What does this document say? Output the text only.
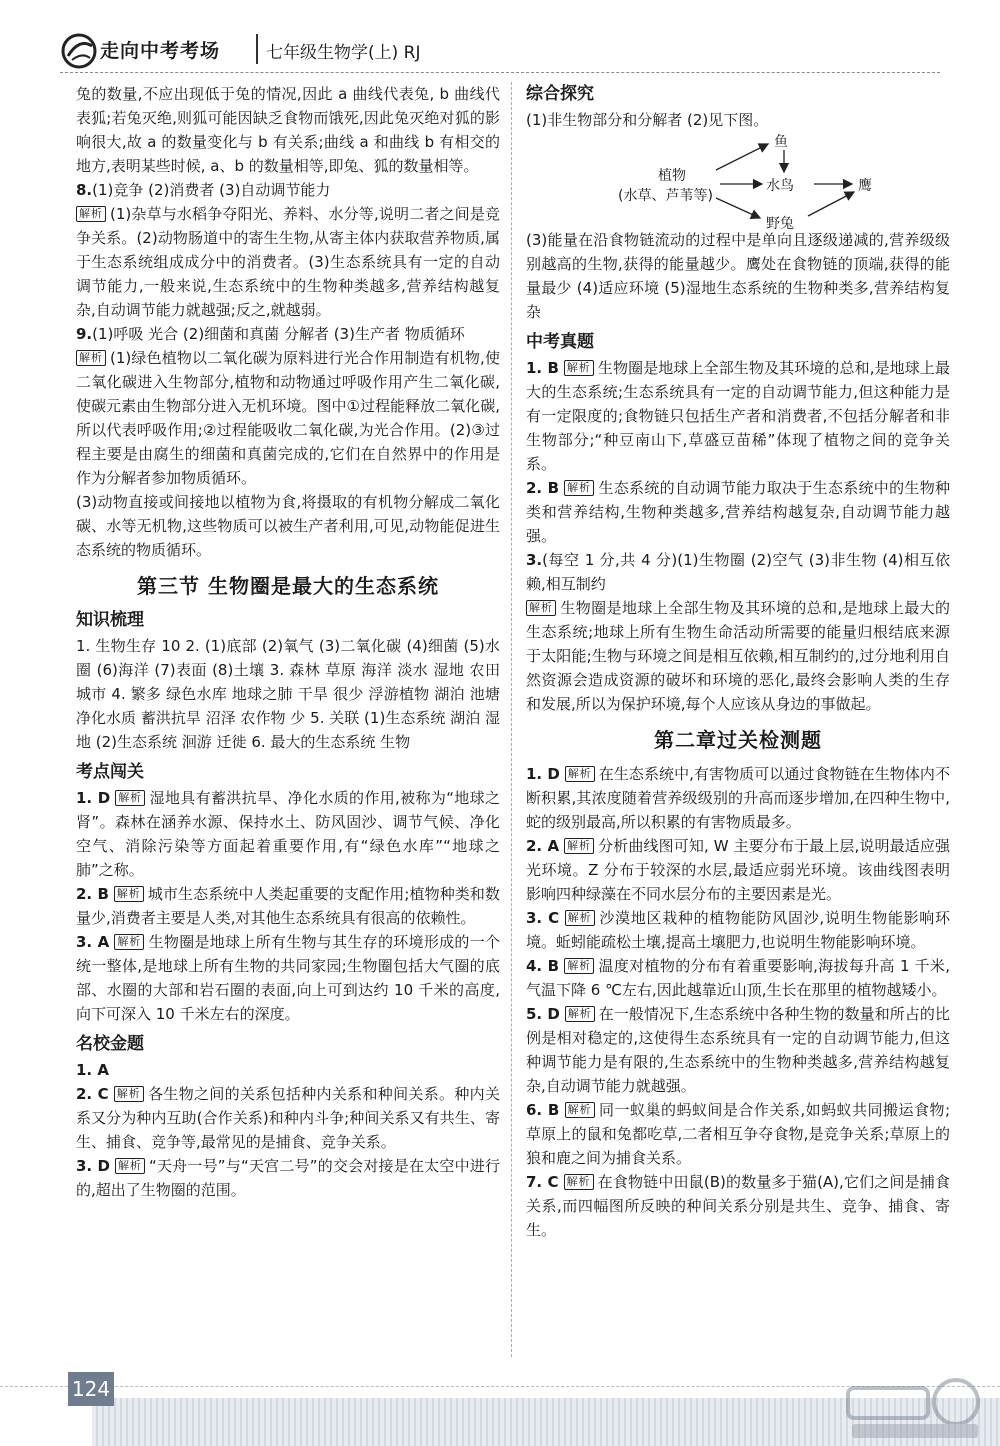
走向中考考场	七年级生物学(上) RJ

兔的数量,不应出现低于兔的情况,因此 a 曲线代表兔, b 曲线代表狐;若兔灭绝,则狐可能因缺乏食物而饿死,因此兔灭绝对狐的影响很大,故 a 的数量变化与 b 有关系;曲线 a 和曲线 b 有相交的地方,表明某些时候, a、b 的数量相等,即兔、狐的数量相等。

8.(1)竞争 (2)消费者 (3)自动调节能力

解析 (1)杂草与水稻争夺阳光、养料、水分等,说明二者之间是竞争关系。(2)动物肠道中的寄生生物,从寄主体内获取营养物质,属于生态系统组成成分中的消费者。(3)生态系统具有一定的自动调节能力,一般来说,生态系统中的生物种类越多,营养结构越复杂,自动调节能力就越强;反之,就越弱。

9.(1)呼吸 光合 (2)细菌和真菌 分解者 (3)生产者 物质循环

解析 (1)绿色植物以二氧化碳为原料进行光合作用制造有机物,使二氧化碳进入生物部分,植物和动物通过呼吸作用产生二氧化碳,使碳元素由生物部分进入无机环境。图中①过程能释放二氧化碳,所以代表呼吸作用;②过程能吸收二氧化碳,为光合作用。(2)③过程主要是由腐生的细菌和真菌完成的,它们在自然界中的作用是作为分解者参加物质循环。

(3)动物直接或间接地以植物为食,将摄取的有机物分解成二氧化碳、水等无机物,这些物质可以被生产者利用,可见,动物能促进生态系统的物质循环。

第三节 生物圈是最大的生态系统
知识梳理

1. 生物生存 10 2. (1)底部 (2)氧气 (3)二氧化碳 (4)细菌 (5)水圈 (6)海洋 (7)表面 (8)土壤 3. 森林 草原 海洋 淡水 湿地 农田 城市 4. 繁多 绿色水库 地球之肺 干旱 很少 浮游植物 湖泊 池塘 净化水质 蓄洪抗旱 沼泽 农作物 少 5. 关联 (1)生态系统 湖泊 湿地 (2)生态系统 洄游 迁徙 6. 最大的生态系统 生物

考点闯关

1. D 解析 湿地具有蓄洪抗旱、净化水质的作用,被称为“地球之肾”。森林在涵养水源、保持水土、防风固沙、调节气候、净化空气、消除污染等方面起着重要作用,有“绿色水库”“地球之肺”之称。

2. B 解析 城市生态系统中人类起重要的支配作用;植物种类和数量少,消费者主要是人类,对其他生态系统具有很高的依赖性。

3. A 解析 生物圈是地球上所有生物与其生存的环境形成的一个统一整体,是地球上所有生物的共同家园;生物圈包括大气圈的底部、水圈的大部和岩石圈的表面,向上可到达约 10 千米的高度,向下可深入 10 千米左右的深度。

名校金题

1. A

2. C 解析 各生物之间的关系包括种内关系和种间关系。种内关系又分为种内互助(合作关系)和种内斗争;种间关系又有共生、寄生、捕食、竞争等,最常见的是捕食、竞争关系。

3. D 解析 “天舟一号”与“天宫二号”的交会对接是在太空中进行的,超出了生物圈的范围。

综合探究

(1)非生物部分和分解者 (2)见下图。

植物
(水草、芦苇等)
鱼
水鸟	鹰
野兔

(3)能量在沿食物链流动的过程中是单向且逐级递减的,营养级级别越高的生物,获得的能量越少。鹰处在食物链的顶端,获得的能量最少 (4)适应环境 (5)湿地生态系统的生物种类多,营养结构复杂

中考真题

1. B 解析 生物圈是地球上全部生物及其环境的总和,是地球上最大的生态系统;生态系统具有一定的自动调节能力,但这种能力是有一定限度的;食物链只包括生产者和消费者,不包括分解者和非生物部分;“种豆南山下,草盛豆苗稀”体现了植物之间的竞争关系。

2. B 解析 生态系统的自动调节能力取决于生态系统中的生物种类和营养结构,生物种类越多,营养结构越复杂,自动调节能力越强。

3.(每空 1 分,共 4 分)(1)生物圈 (2)空气 (3)非生物 (4)相互依赖,相互制约

解析 生物圈是地球上全部生物及其环境的总和,是地球上最大的生态系统;地球上所有生物生命活动所需要的能量归根结底来源于太阳能;生物与环境之间是相互依赖,相互制约的,过分地利用自然资源会造成资源的破坏和环境的恶化,最终会影响人类的生存和发展,所以为保护环境,每个人应该从身边的事做起。

第二章过关检测题

1. D 解析 在生态系统中,有害物质可以通过食物链在生物体内不断积累,其浓度随着营养级级别的升高而逐步增加,在四种生物中,蛇的级别最高,所以积累的有害物质最多。

2. A 解析 分析曲线图可知, W 主要分布于最上层,说明最适应强光环境。Z 分布于较深的水层,最适应弱光环境。该曲线图表明影响四种绿藻在不同水层分布的主要因素是光。

3. C 解析 沙漠地区栽种的植物能防风固沙,说明生物能影响环境。蚯蚓能疏松土壤,提高土壤肥力,也说明生物能影响环境。

4. B 解析 温度对植物的分布有着重要影响,海拔每升高 1 千米,气温下降 6 ℃左右,因此越靠近山顶,生长在那里的植物越矮小。

5. D 解析 在一般情况下,生态系统中各种生物的数量和所占的比例是相对稳定的,这使得生态系统具有一定的自动调节能力,但这种调节能力是有限的,生态系统中的生物种类越多,营养结构越复杂,自动调节能力就越强。

6. B 解析 同一蚁巢的蚂蚁间是合作关系,如蚂蚁共同搬运食物;草原上的鼠和兔都吃草,二者相互争夺食物,是竞争关系;草原上的狼和鹿之间为捕食关系。

7. C 解析 在食物链中田鼠(B)的数量多于猫(A),它们之间是捕食关系,而四幅图所反映的种间关系分别是共生、竞争、捕食、寄生。

124
